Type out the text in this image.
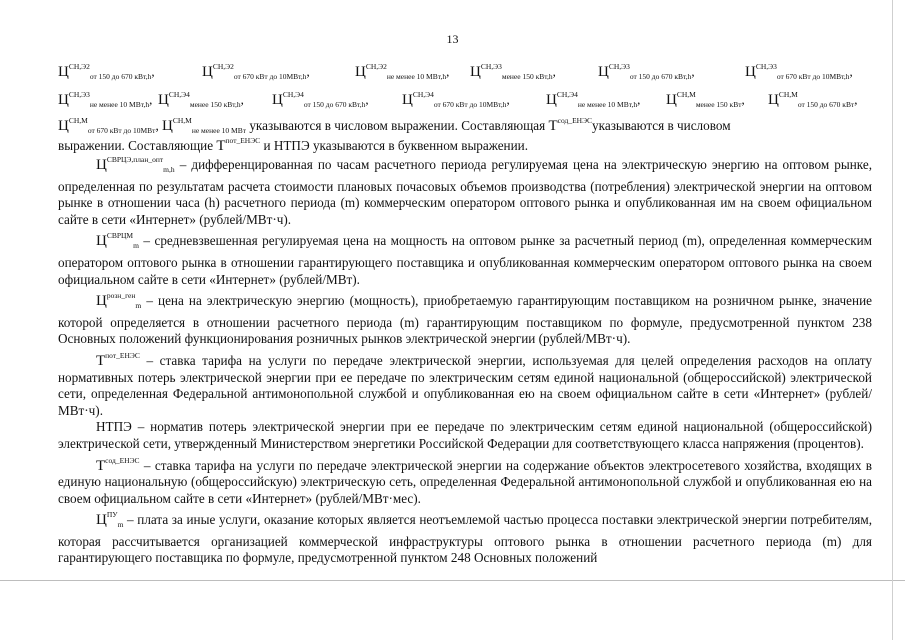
13
$Ц^{СН,Э2}_{от 150 до 670 кВт,h}$,	$Ц^{СН,Э2}_{от 670 кВт до 10МВт,h}$,	$Ц^{СН,Э2}_{не менее 10 МВт,h}$, $Ц^{СН,Э3}_{менее 150 кВт,h}$,	$Ц^{СН,Э3}_{от 150 до 670 кВт,h}$,	$Ц^{СН,Э3}_{от 670 кВт до 10МВт,h}$,
$Ц^{СН,Э3}_{не менее 10 МВт,h}$, $Ц^{СН,Э4}_{менее 150 кВт,h}$, $Ц^{СН,Э4}_{от 150 до 670 кВт,h}$, $Ц^{СН,Э4}_{от 670 кВт до 10МВт,h}$, $Ц^{СН,Э4}_{не менее 10 МВт,h}$, $Ц^{СН,М}_{менее 150 кВт}$, $Ц^{СН,М}_{от 150 до 670 кВт}$,
$Ц^{СН,М}_{от 670 кВт до 10МВт}$, $Ц^{СН,М}_{не менее 10 МВт}$ указываются в числовом выражении. Составляющая $T^{сод\_ЕНЭС}указываются$ в числовом
выражении. Составляющие $T^{пот\_ЕНЭС}$ и НТПЭ указываются в буквенном выражении.

$Ц^{СВРЦЭ,план\_опт}_{m,h}$ – дифференцированная по часам расчетного периода регулируемая цена на электрическую энергию на оптовом рынке, определенная по результатам расчета стоимости плановых почасовых объемов производства (потребления) электрической энергии на оптовом рынке в отношении часа (h) расчетного периода (m) коммерческим оператором оптового рынка и опубликованная им на своем официальном сайте в сети «Интернет» (рублей/МВт·ч).

$Ц^{СВРЦМ}_m$ – средневзвешенная регулируемая цена на мощность на оптовом рынке за расчетный период (m), определенная коммерческим оператором оптового рынка в отношении гарантирующего поставщика и опубликованная коммерческим оператором оптового рынка на своем официальном сайте в сети «Интернет» (рублей/МВт).

$Ц^{розн\_ген}_m$ – цена на электрическую энергию (мощность), приобретаемую гарантирующим поставщиком на розничном рынке, значение которой определяется в отношении расчетного периода (m) гарантирующим поставщиком по формуле, предусмотренной пунктом 238 Основных положений функционирования розничных рынков электрической энергии (рублей/МВт·ч).

$T^{пот\_ЕНЭС}$ – ставка тарифа на услуги по передаче электрической энергии, используемая для целей определения расходов на оплату нормативных потерь электрической энергии при ее передаче по электрическим сетям единой национальной (общероссийской) электрической сети, определенная Федеральной антимонопольной службой и опубликованная ею на своем официальном сайте в сети «Интернет» (рублей/МВт·ч).

НТПЭ – норматив потерь электрической энергии при ее передаче по электрическим сетям единой национальной (общероссийской) электрической сети, утвержденный Министерством энергетики Российской Федерации для соответствующего класса напряжения (процентов).

$T^{сод\_ЕНЭС}$ – ставка тарифа на услуги по передаче электрической энергии на содержание объектов электросетевого хозяйства, входящих в единую национальную (общероссийскую) электрическую сеть, определенная Федеральной антимонопольной службой и опубликованная ею на своем официальном сайте в сети «Интернет» (рублей/МВт·мес).

$Ц^{ПУ}_m$ – плата за иные услуги, оказание которых является неотъемлемой частью процесса поставки электрической энергии потребителям, которая рассчитывается организацией коммерческой инфраструктуры оптового рынка в отношении расчетного периода (m) для гарантирующего поставщика по формуле, предусмотренной пунктом 248 Основных положений
